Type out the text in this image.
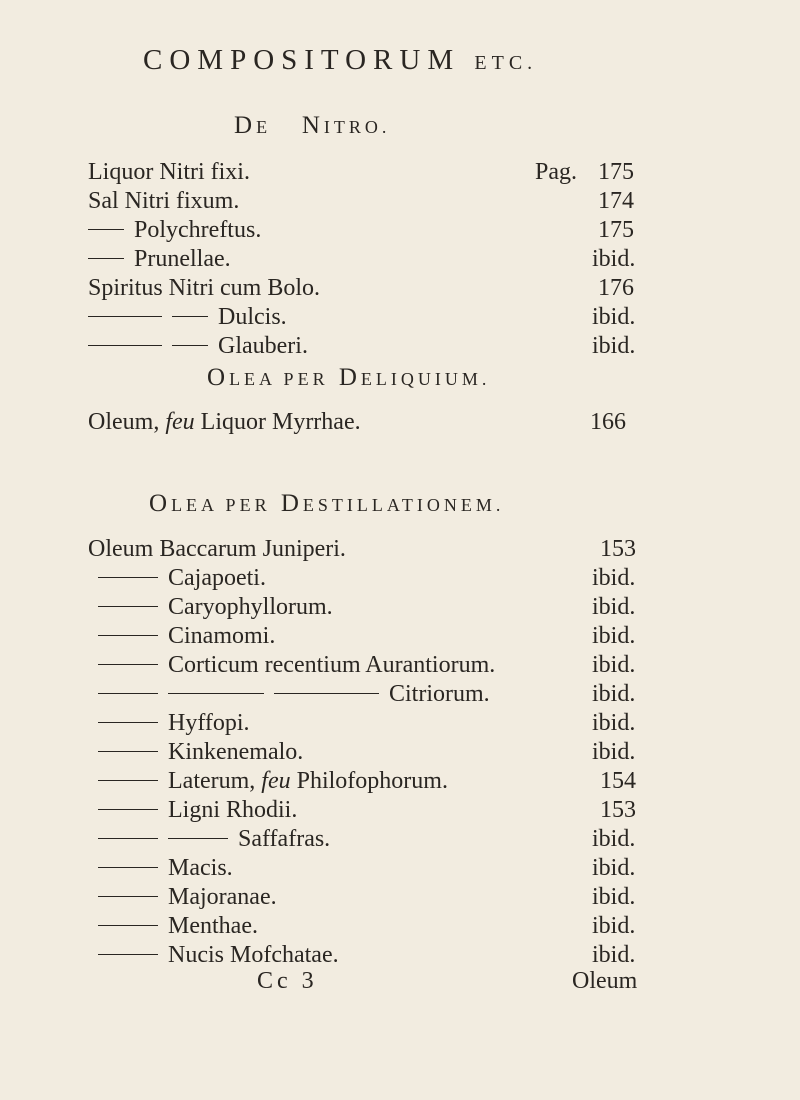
COMPOSITORUM ETC.
DE NITRO.
Liquor Nitri fixi.	Pag. 175
Sal Nitri fixum.	174
Polychreftus.	175
Prunellae.	ibid.
Spiritus Nitri cum Bolo.	176
Dulcis.	ibid.
Glauberi.	ibid.
OLEA PER DELIQUIUM.
Oleum, feu Liquor Myrrhae.	166
OLEA PER DESTILLATIONEM.
Oleum Baccarum Juniperi.	153
Cajapoeti.	ibid.
Caryophyllorum.	ibid.
Cinamomi.	ibid.
Corticum recentium Aurantiorum.	ibid.
Citriorum.	ibid.
Hyffopi.	ibid.
Kinkenemalo.	ibid.
Laterum, feu Philofophorum.	154
Ligni Rhodii.	153
Saffafras.	ibid.
Macis.	ibid.
Majoranae.	ibid.
Menthae.	ibid.
Nucis Mofchatae.	ibid.
Cc 3	Oleum
